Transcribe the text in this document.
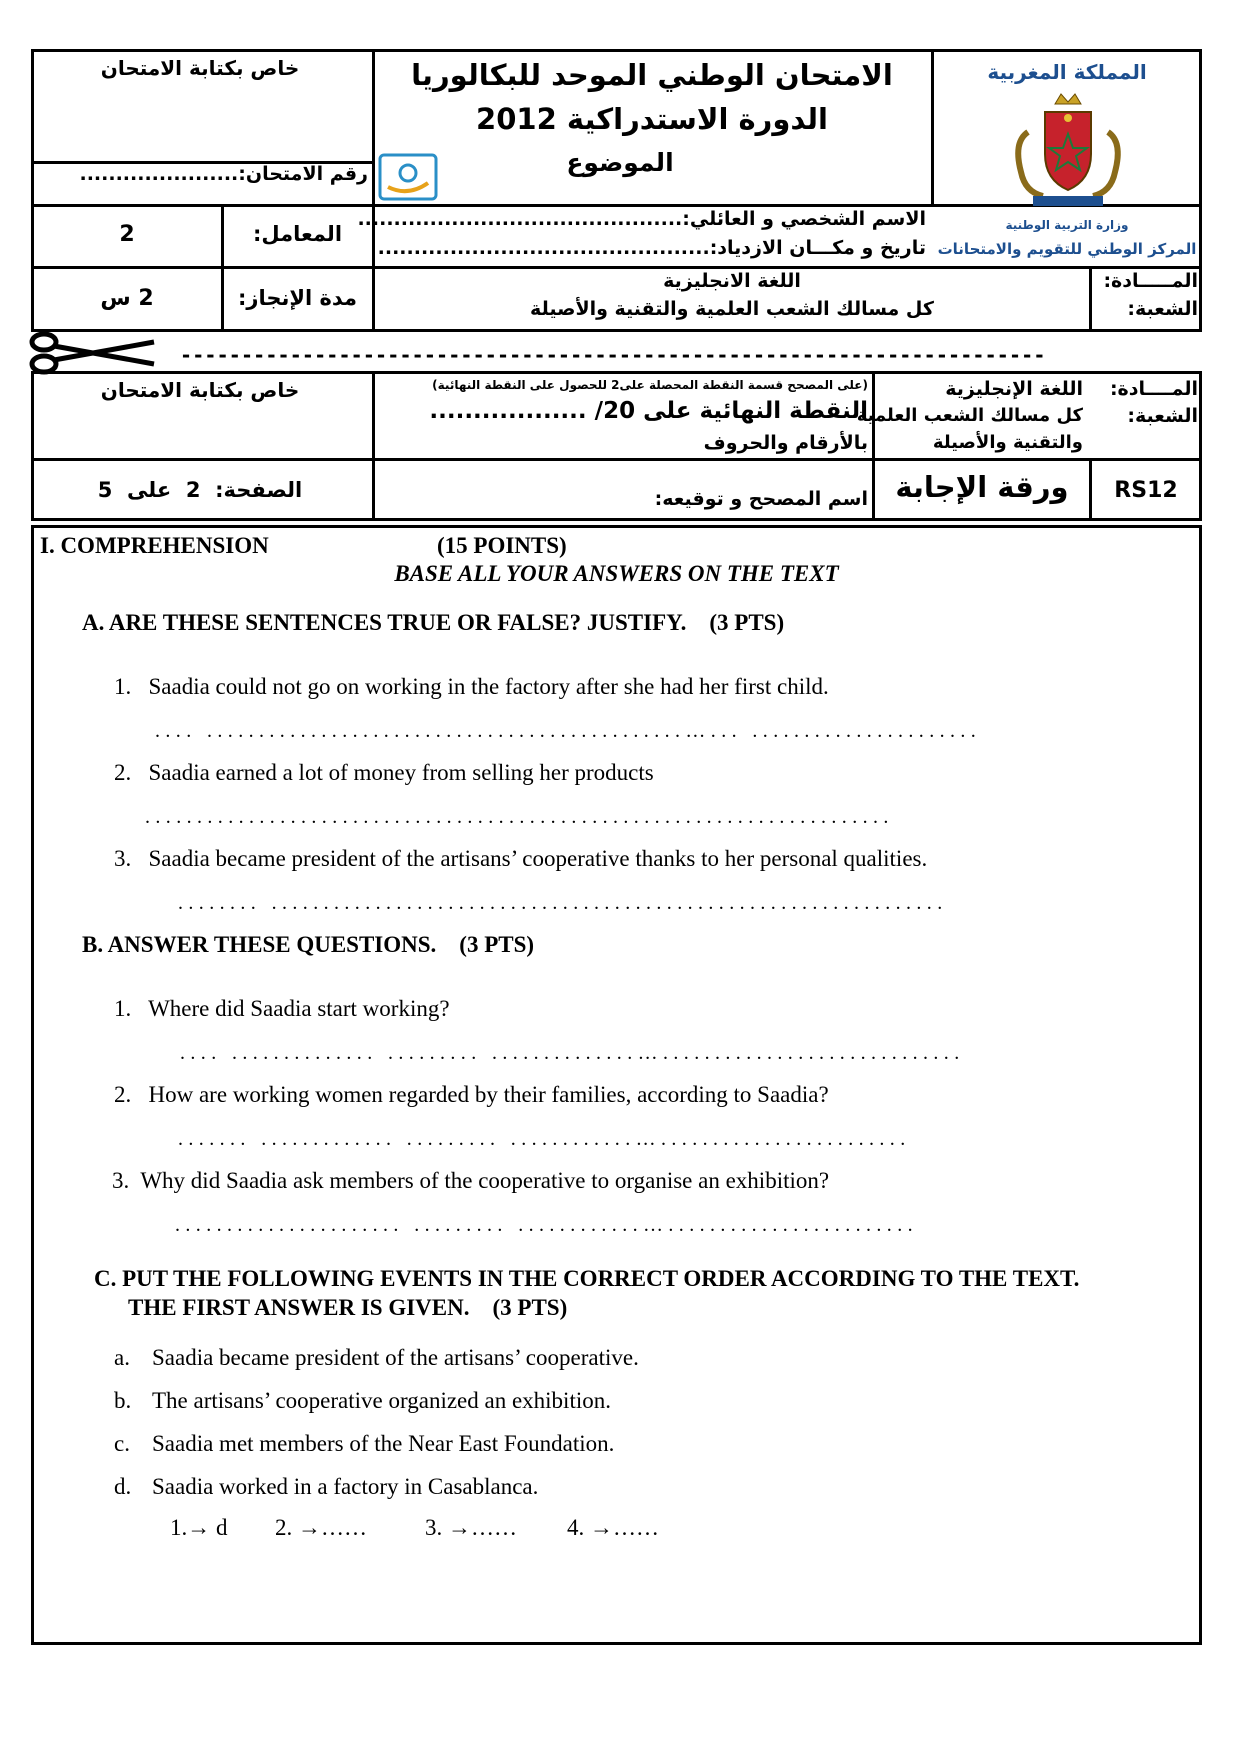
خاص بكتابة الامتحان
رقم الامتحان:......................
الامتحان الوطني الموحد للبكالوريا
الدورة الاستدراكية 2012
الموضوع
المملكة المغربية
وزارة التربية الوطنية
المركز الوطني للتقويم والامتحانات
2	المعامل:
الاسم الشخصي و العائلي:.............................................
تاريخ و مكـــان الازدياد:..............................................
2 س	مدة الإنجاز:
اللغة الانجليزية
كل مسالك الشعب العلمية والتقنية والأصيلة
المـــــادة:
الشعبة:
-----------------------------------------------------------------------
خاص بكتابة الامتحان	(على المصحح قسمة النقطة المحصلة على2 للحصول على النقطة النهائية)
النقطة النهائية على 20/ ..................
بالأرقام والحروف
المــــادة:
الشعبة:
اللغة الإنجليزية
كل مسالك الشعب العلمية
والتقنية والأصيلة
الصفحة:  2  على  5	اسم المصحح و توقيعه: ورقة الإجابة	RS12
I. COMPREHENSION	(15 POINTS)
BASE ALL YOUR ANSWERS ON THE TEXT
A. ARE THESE SENTENCES TRUE OR FALSE? JUSTIFY. (3 PTS)
1. Saadia could not go on working in the factory after she had her first child.
.... ..............................................…... ......................
2. Saadia earned a lot of money from selling her products
........................................................................
3. Saadia became president of the artisans’ cooperative thanks to her personal qualities.
........ .................................................................
B. ANSWER THESE QUESTIONS. (3 PTS)
1. Where did Saadia start working?
.... .............. ......... ..............….............................
2. How are working women regarded by their families, according to Saadia?
....... ............. ......... ............…........................
3. Why did Saadia ask members of the cooperative to organise an exhibition?
...................... ......... ............…........................
C. PUT THE FOLLOWING EVENTS IN THE CORRECT ORDER ACCORDING TO THE TEXT.
THE FIRST ANSWER IS GIVEN. (3 PTS)
a. Saadia became president of the artisans’ cooperative.
b. The artisans’ cooperative organized an exhibition.
c. Saadia met members of the Near East Foundation.
d. Saadia worked in a factory in Casablanca.
1.→ d 2. →……	3. →…… 4. →……
